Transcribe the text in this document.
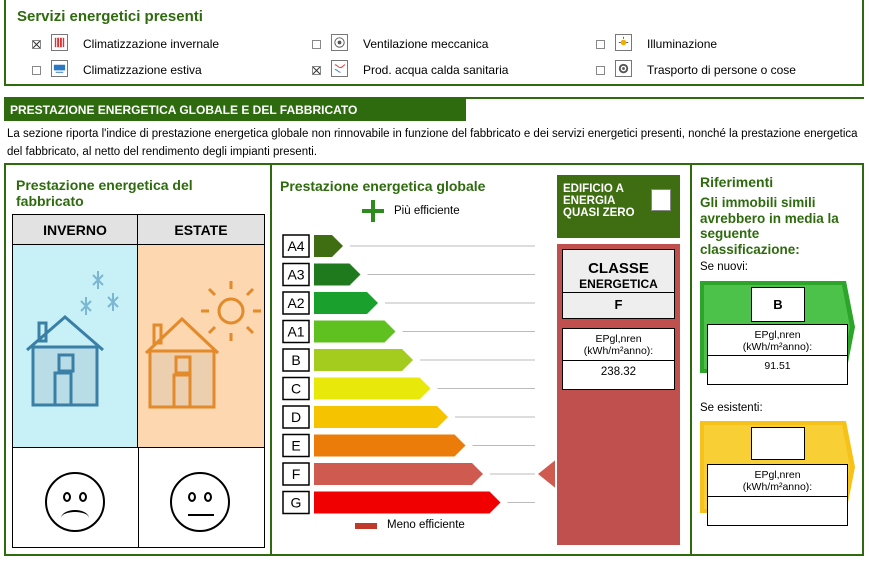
Servizi energetici presenti
Climatizzazione invernale
Climatizzazione estiva
Ventilazione meccanica
Prod. acqua calda sanitaria
Illuminazione
Trasporto di persone o cose
PRESTAZIONE ENERGETICA GLOBALE E DEL FABBRICATO
La sezione riporta l'indice di prestazione energetica globale non rinnovabile in funzione del fabbricato e dei servizi energetici presenti, nonché la prestazione energetica del fabbricato, al netto del rendimento degli impianti presenti.
Prestazione energetica del fabbricato
INVERNO	ESTATE
Prestazione energetica globale
Più efficiente
A4
A3
A2
A1
B
C
D
E
F
G
Meno efficiente
EDIFICIO A ENERGIA QUASI ZERO
CLASSE
ENERGETICA
F
EPgl,nren
(kWh/m²anno):
238.32
Riferimenti
Gli immobili simili avrebbero in media la seguente classificazione:
Se nuovi:
B
EPgl,nren
(kWh/m²anno):
91.51
Se esistenti:
EPgl,nren
(kWh/m²anno):
